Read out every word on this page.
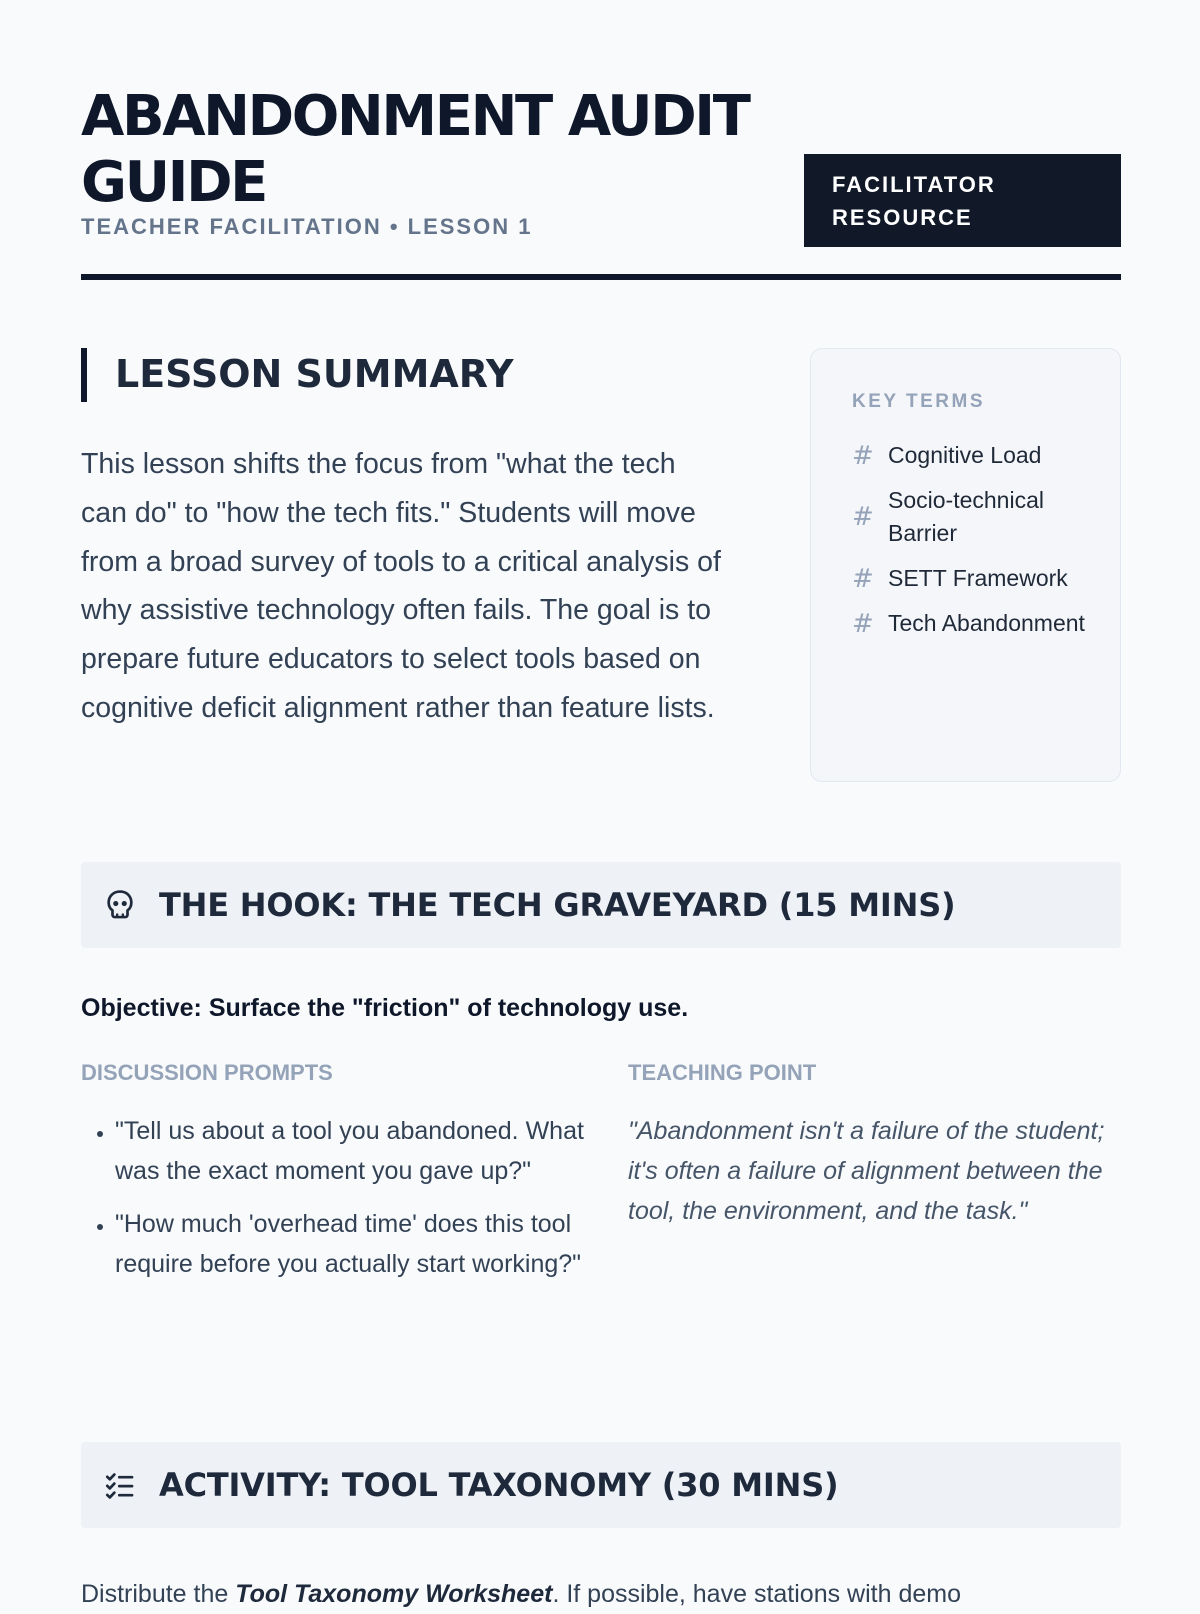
ABANDONMENT AUDIT GUIDE

TEACHER FACILITATION • LESSON 1

FACILITATOR RESOURCE
LESSON SUMMARY

This lesson shifts the focus from "what the tech can do" to "how the tech fits." Students will move from a broad survey of tools to a critical analysis of why assistive technology often fails. The goal is to prepare future educators to select tools based on cognitive deficit alignment rather than feature lists.

KEY TERMS

# Cognitive Load
#
Socio-technical Barrier
# SETT Framework
# Tech Abandonment
THE HOOK: THE TECH GRAVEYARD (15 MINS)

Objective: Surface the "friction" of technology use.

DISCUSSION PROMPTS

• "Tell us about a tool you abandoned. What was the exact moment you gave up?"
• "How much 'overhead time' does this tool require before you actually start working?"

TEACHING POINT

"Abandonment isn't a failure of the student; it's often a failure of alignment between the tool, the environment, and the task."

ACTIVITY: TOOL TAXONOMY (30 MINS)

Distribute the Tool Taxonomy Worksheet. If possible, have stations with demo
